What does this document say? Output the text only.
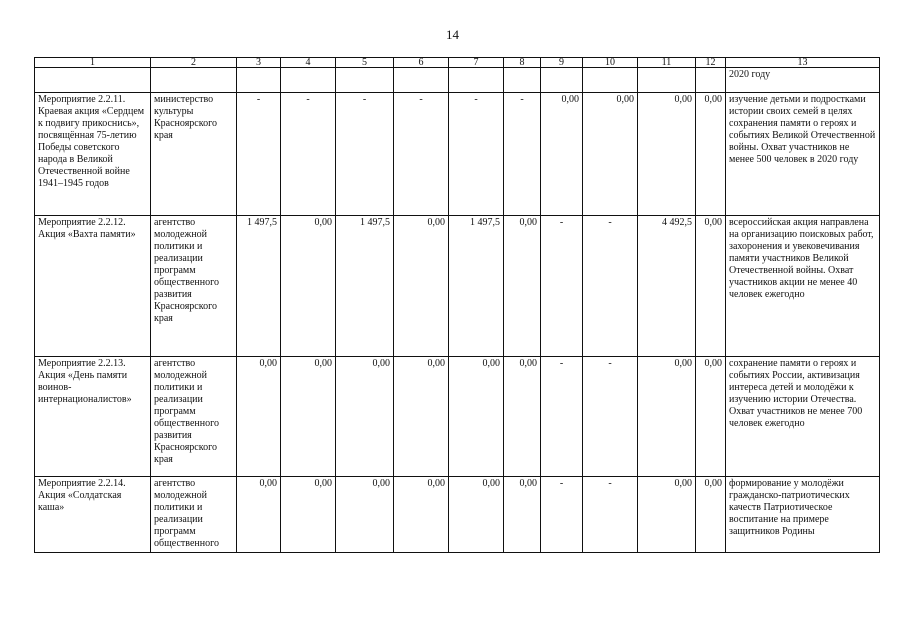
14
1	2	3	4	5	6	7	8	9	10	11	12	13
												2020 году
Мероприятие 2.2.11. Краевая акция «Сердцем к подвигу прикоснись», посвящённая 75-летию Победы советского народа в Великой Отечественной войне 1941–1945 годов	министерство культуры Красноярского края	-	-	-	-	-	-	0,00	0,00	0,00	0,00	изучение детьми и подростками истории своих семей в целях сохранения памяти о героях и событиях Великой Отечественной войны. Охват участников не менее 500 человек в 2020 году
Мероприятие 2.2.12. Акция «Вахта памяти»	агентство молодежной политики и реализации программ общественного развития Красноярского края	1 497,5	0,00	1 497,5	0,00	1 497,5	0,00	-	-	4 492,5	0,00	всероссийская акция направлена на организацию поисковых работ, захоронения и увековечивания памяти участников Великой Отечественной войны. Охват участников акции не менее 40 человек ежегодно
Мероприятие 2.2.13. Акция «День памяти воинов-интернационалистов»	агентство молодежной политики и реализации программ общественного развития Красноярского края	0,00	0,00	0,00	0,00	0,00	0,00	-	-	0,00	0,00	сохранение памяти о героях и событиях России, активизация интереса детей и молодёжи к изучению истории Отечества. Охват участников не менее 700 человек ежегодно
Мероприятие 2.2.14. Акция «Солдатская каша»	агентство молодежной политики и реализации программ общественного	0,00	0,00	0,00	0,00	0,00	0,00	-	-	0,00	0,00	формирование у молодёжи гражданско-патриотических качеств Патриотическое воспитание на примере защитников Родины
